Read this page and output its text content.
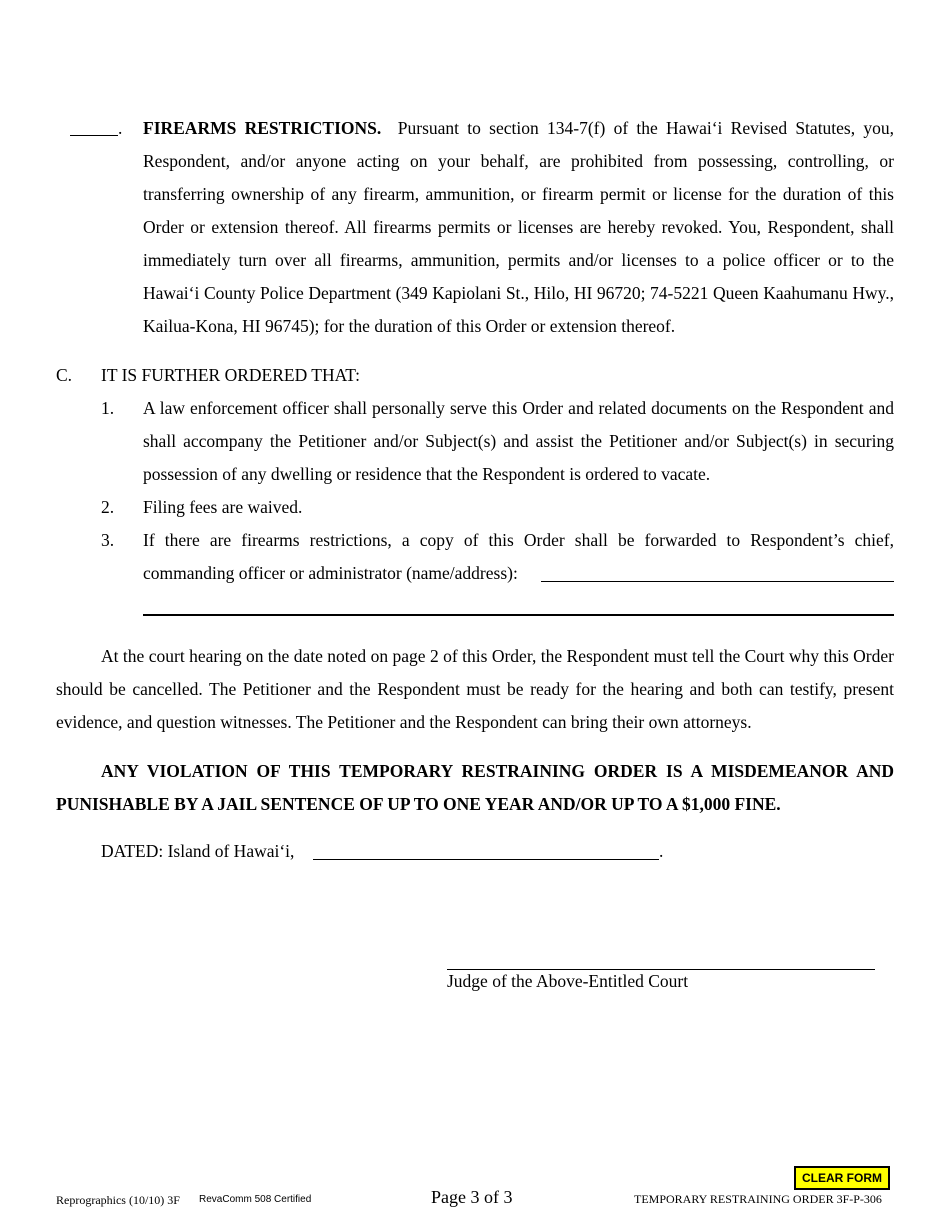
. FIREARMS RESTRICTIONS. Pursuant to section 134-7(f) of the Hawai‘i Revised Statutes, you, Respondent, and/or anyone acting on your behalf, are prohibited from possessing, controlling, or transferring ownership of any firearm, ammunition, or firearm permit or license for the duration of this Order or extension thereof. All firearms permits or licenses are hereby revoked. You, Respondent, shall immediately turn over all firearms, ammunition, permits and/or licenses to a police officer or to the Hawai‘i County Police Department (349 Kapiolani St., Hilo, HI 96720; 74-5221 Queen Kaahumanu Hwy., Kailua-Kona, HI 96745); for the duration of this Order or extension thereof.
C. IT IS FURTHER ORDERED THAT:
1. A law enforcement officer shall personally serve this Order and related documents on the Respondent and shall accompany the Petitioner and/or Subject(s) and assist the Petitioner and/or Subject(s) in securing possession of any dwelling or residence that the Respondent is ordered to vacate.
2. Filing fees are waived.
3. If there are firearms restrictions, a copy of this Order shall be forwarded to Respondent’s chief, commanding officer or administrator (name/address):
At the court hearing on the date noted on page 2 of this Order, the Respondent must tell the Court why this Order should be cancelled. The Petitioner and the Respondent must be ready for the hearing and both can testify, present evidence, and question witnesses. The Petitioner and the Respondent can bring their own attorneys.
ANY VIOLATION OF THIS TEMPORARY RESTRAINING ORDER IS A MISDEMEANOR AND PUNISHABLE BY A JAIL SENTENCE OF UP TO ONE YEAR AND/OR UP TO A $1,000 FINE.
DATED: Island of Hawai‘i,	.
Judge of the Above-Entitled Court
CLEAR FORM
Reprographics (10/10) 3F RevaComm 508 Certified	Page 3 of 3	TEMPORARY RESTRAINING ORDER 3F-P-306
